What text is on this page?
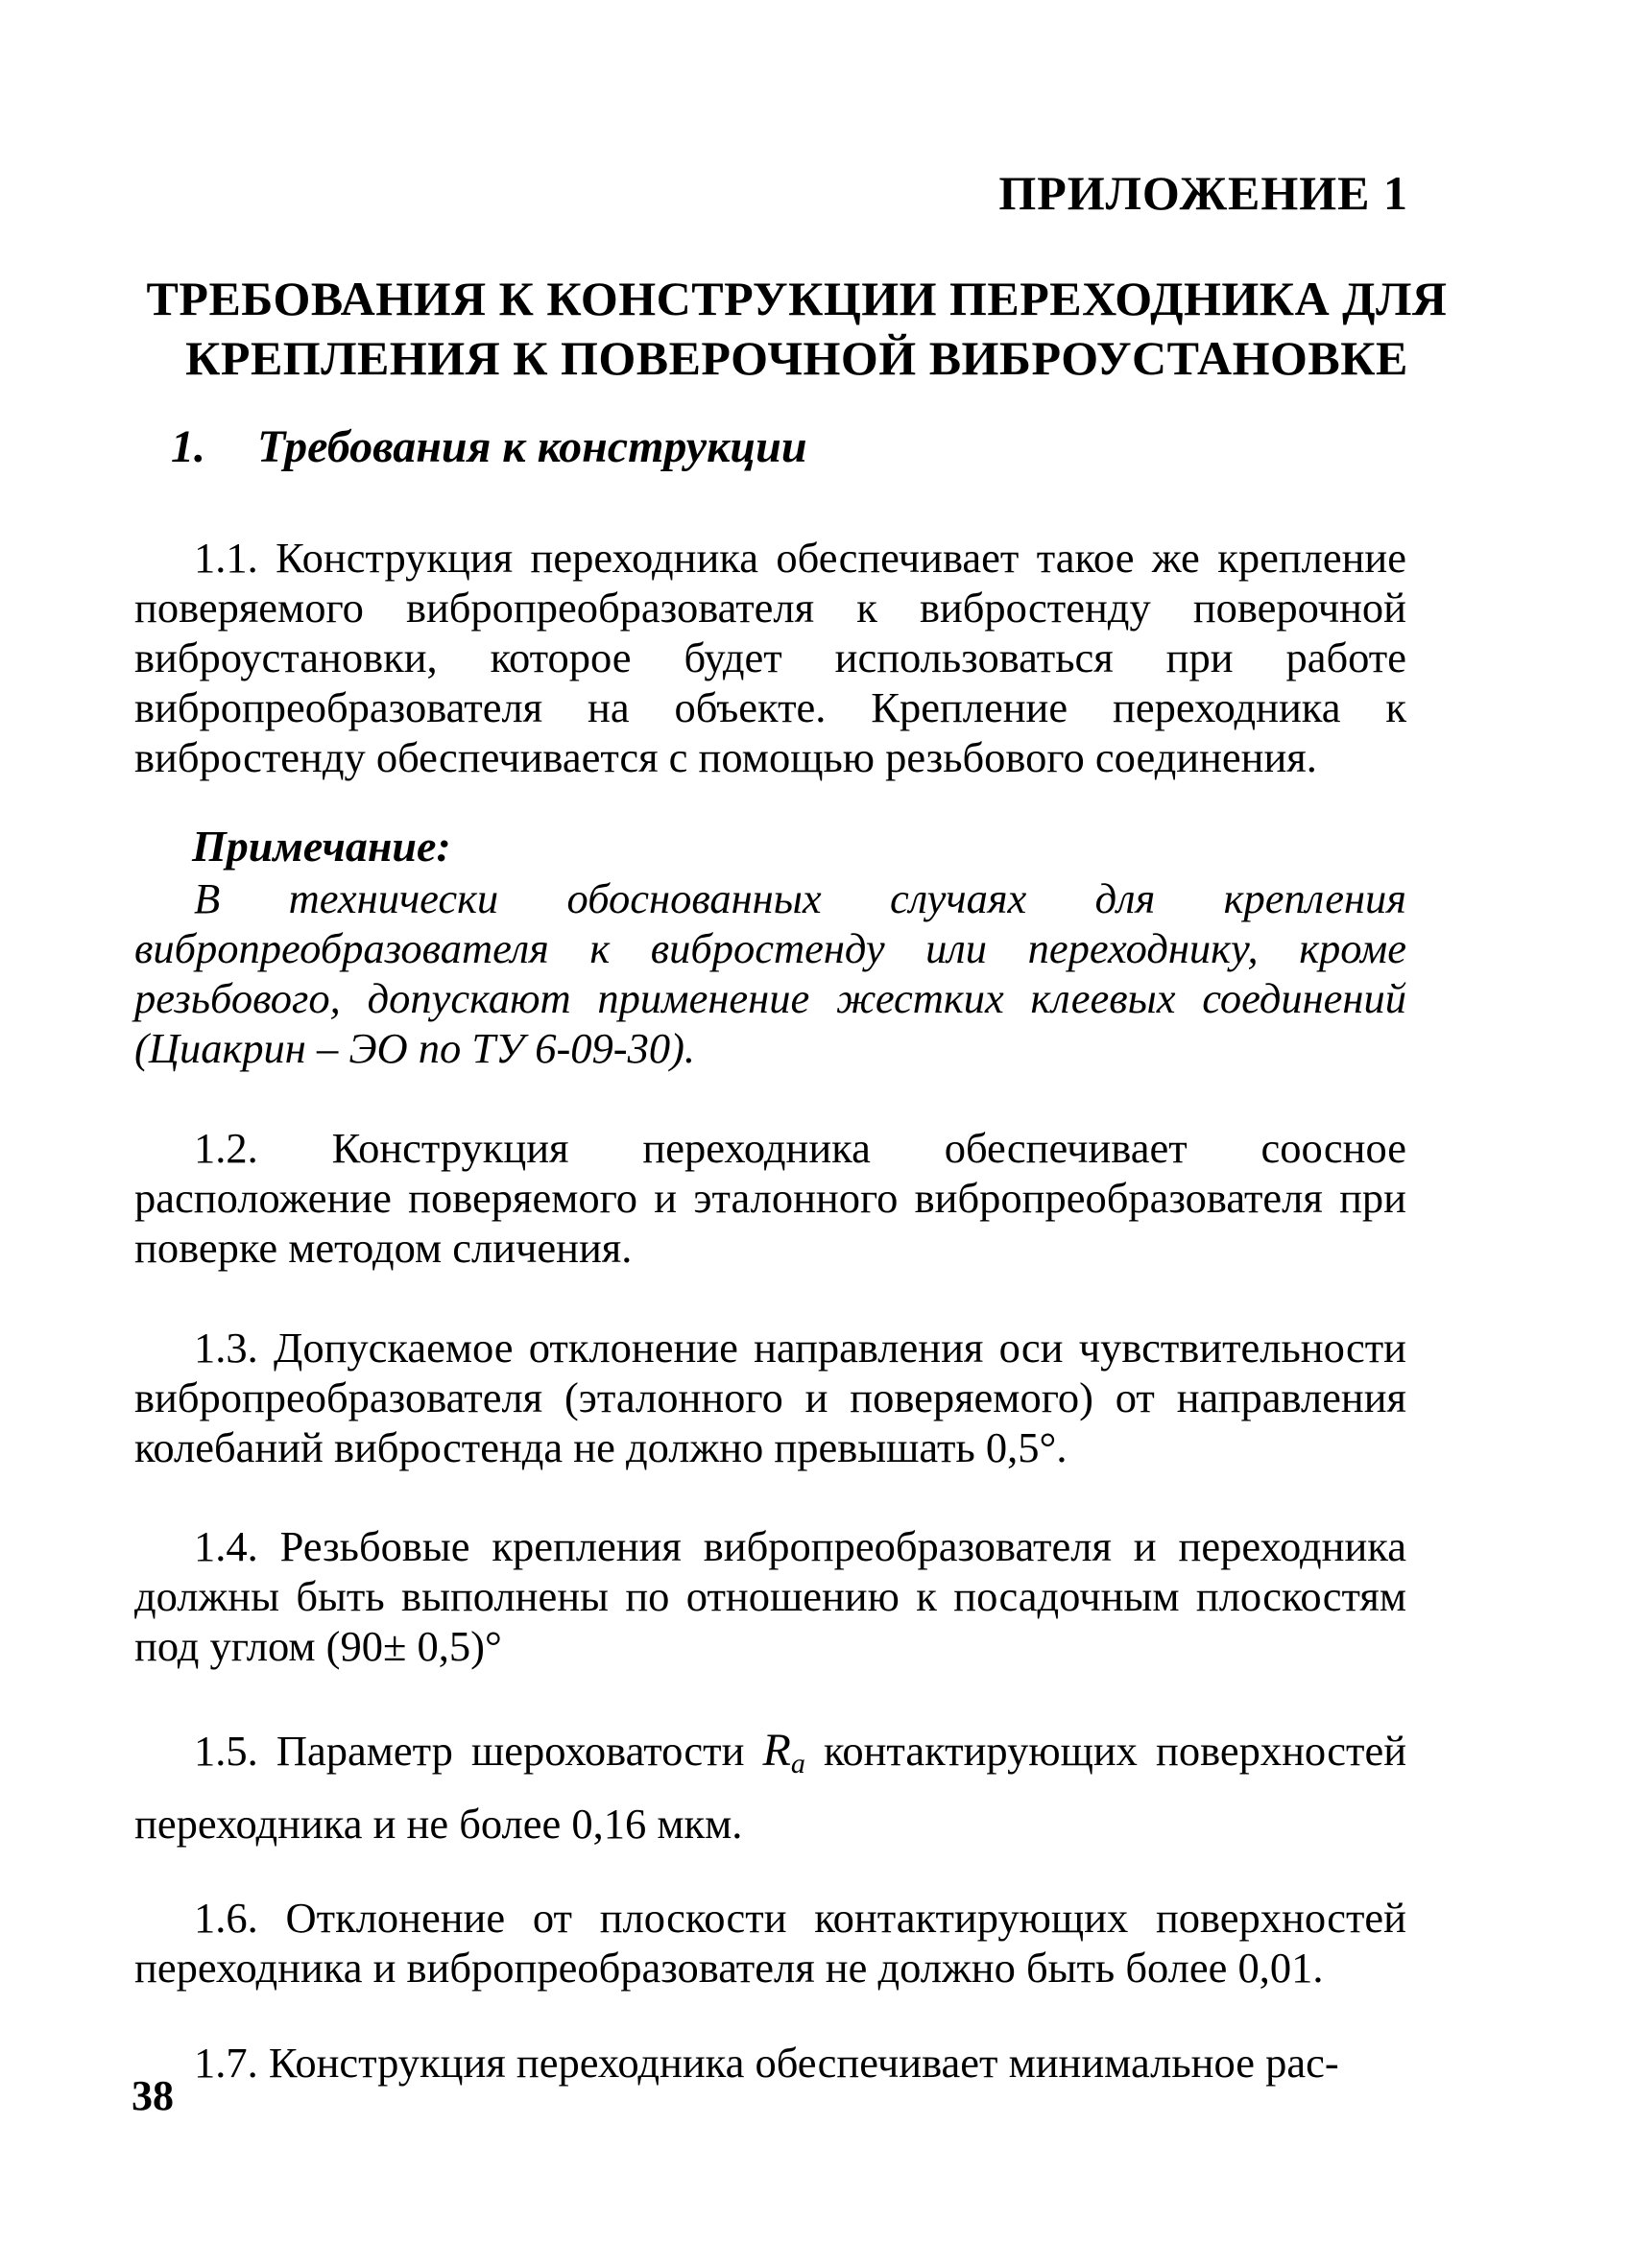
ПРИЛОЖЕНИЕ 1
ТРЕБОВАНИЯ К КОНСТРУКЦИИ ПЕРЕХОДНИКА ДЛЯ
КРЕПЛЕНИЯ К ПОВЕРОЧНОЙ ВИБРОУСТАНОВКЕ
1. Требования к конструкции
1.1. Конструкция переходника обеспечивает такое же крепление поверяемого вибропреобразователя к вибростенду поверочной виброустановки, которое будет использоваться при работе вибропреобразователя на объекте. Крепление переходника к вибростенду обеспечивается с помощью резьбового соединения.
Примечание:
В технически обоснованных случаях для крепления вибропреобразователя к вибростенду или переходнику, кроме резьбового, допускают применение жестких клеевых соединений (Циакрин – ЭО по ТУ 6-09-30).
1.2. Конструкция переходника обеспечивает соосное расположение поверяемого и эталонного вибропреобразователя при поверке методом сличения.
1.3. Допускаемое отклонение направления оси чувствительности вибропреобразователя (эталонного и поверяемого) от направления колебаний вибростенда не должно превышать 0,5°.
1.4. Резьбовые крепления вибропреобразователя и переходника должны быть выполнены по отношению к посадочным плоскостям под углом (90± 0,5)°
1.5. Параметр шероховатости $R_a$ контактирующих поверхностей переходника и не более 0,16 мкм.
1.6. Отклонение от плоскости контактирующих поверхностей переходника и вибропреобразователя не должно быть более 0,01.
1.7. Конструкция переходника обеспечивает минимальное рас-
38
